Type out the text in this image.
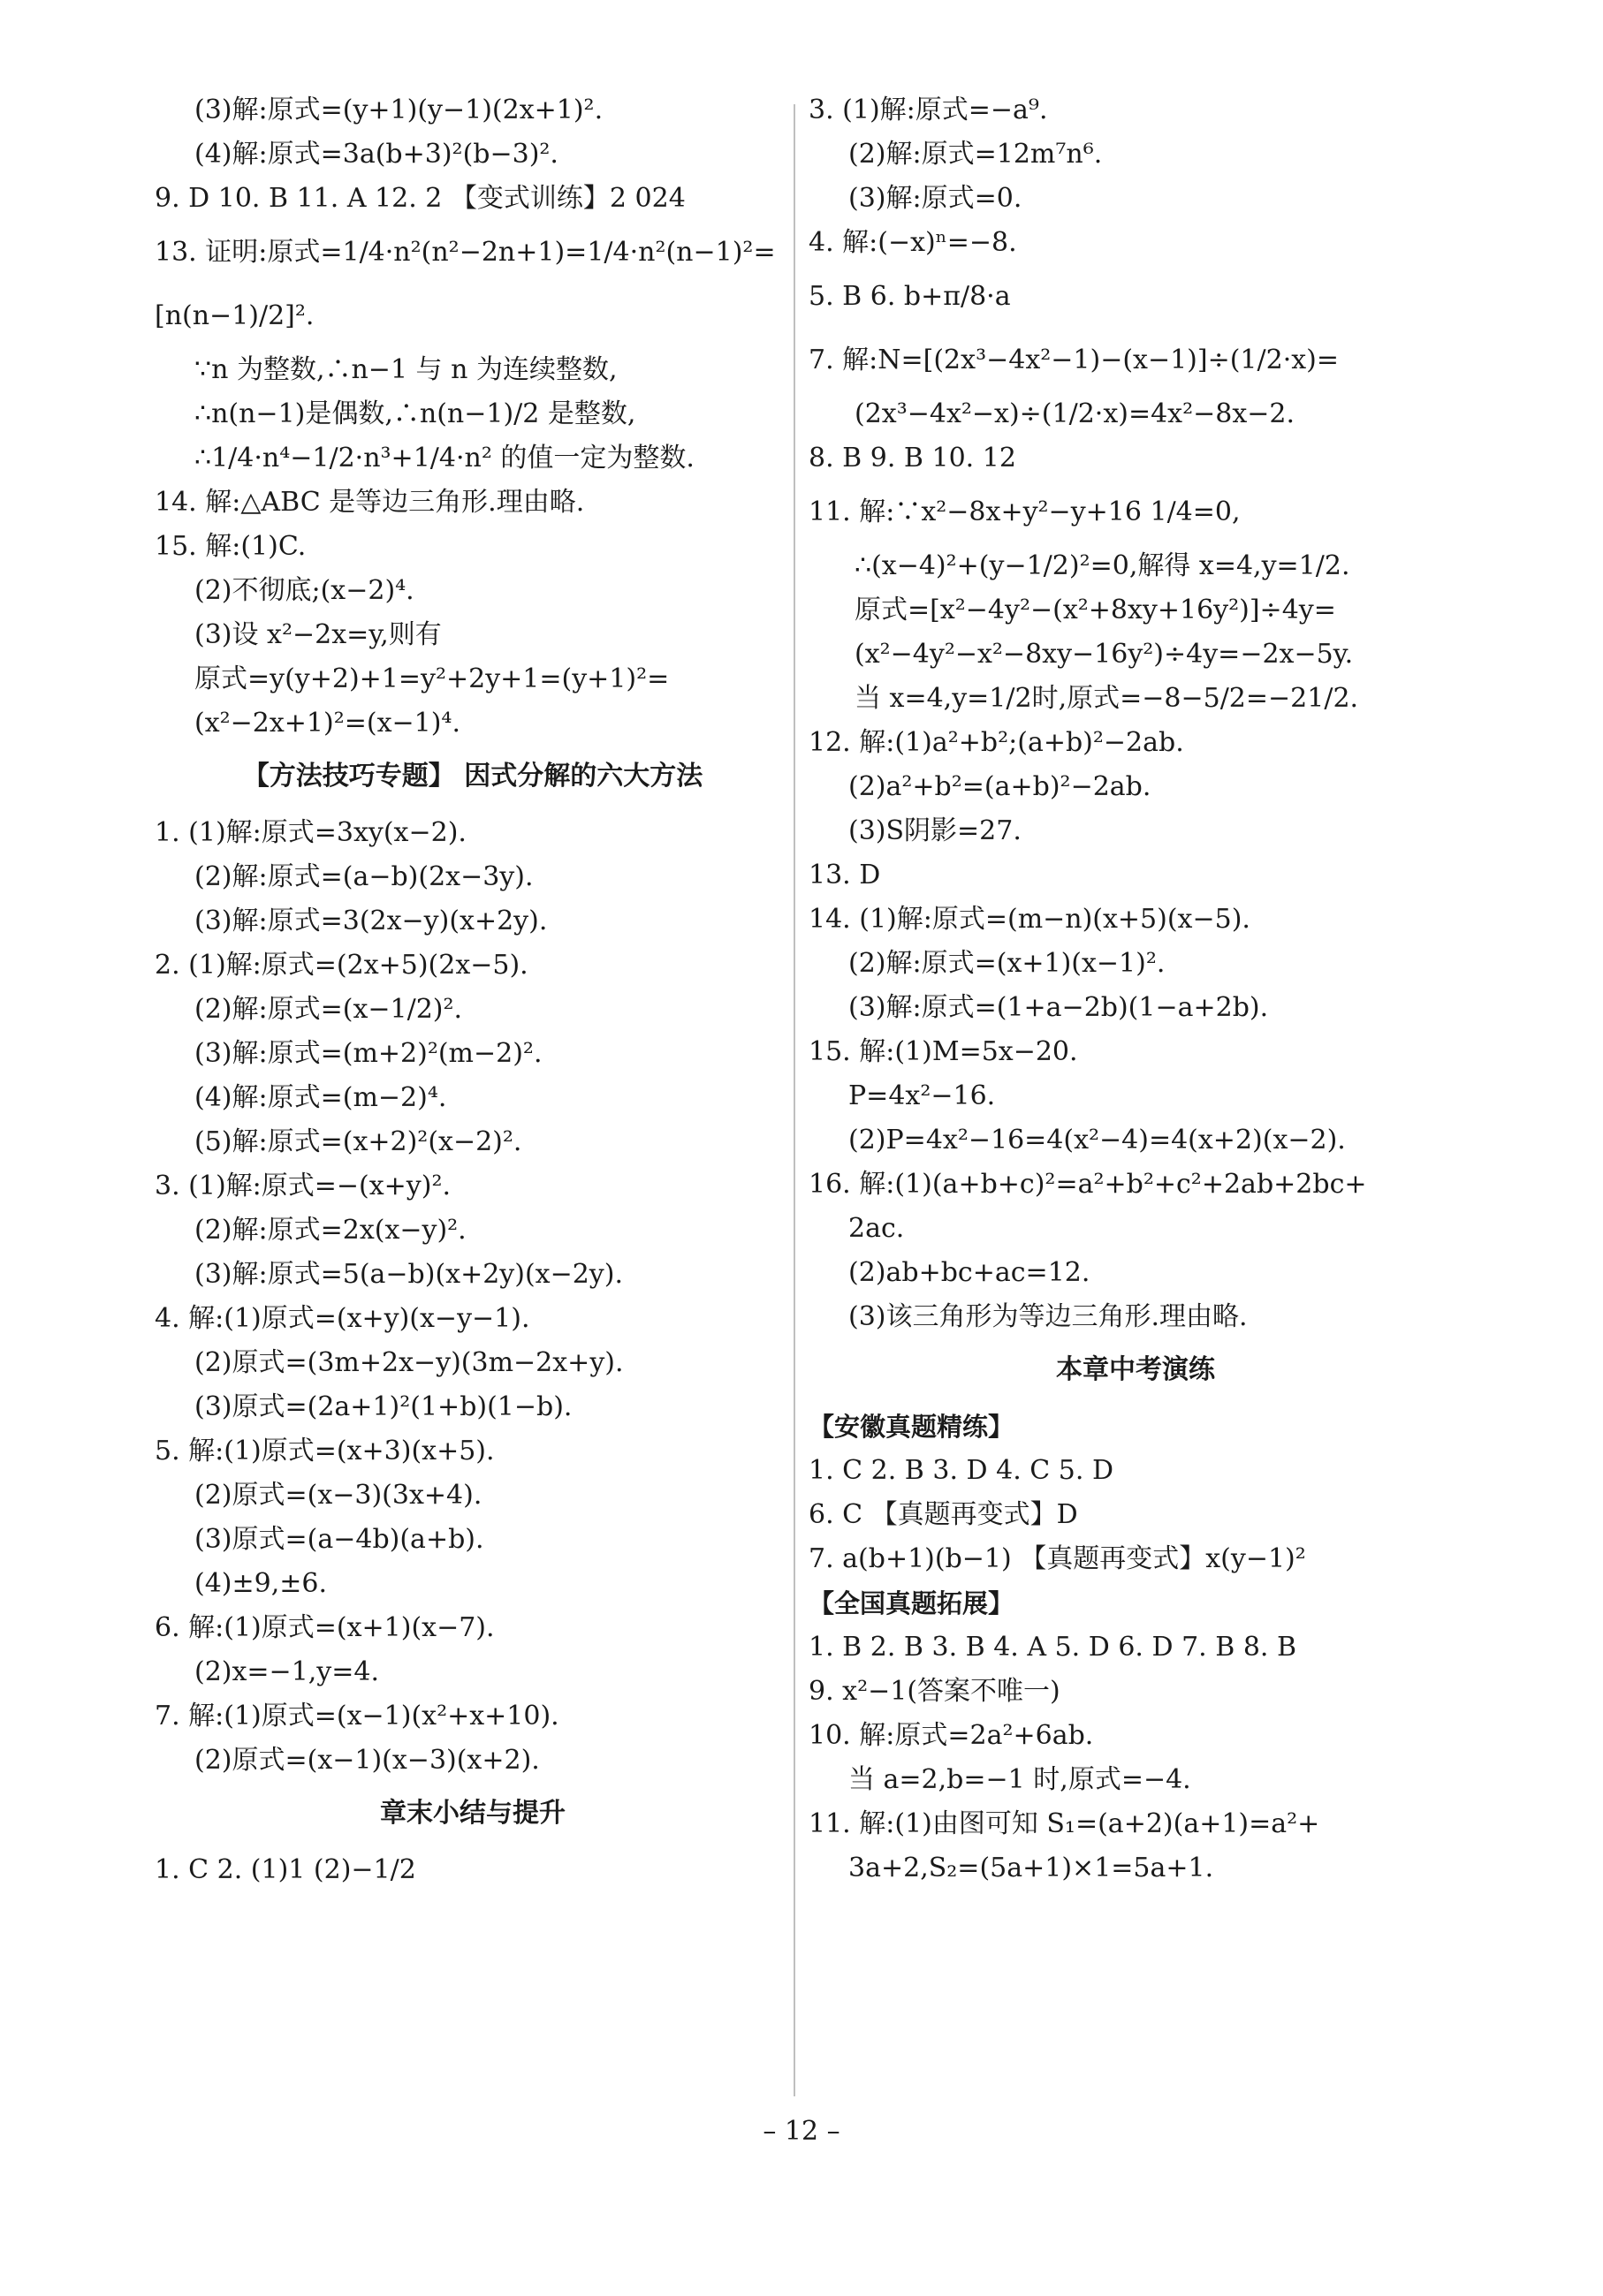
(3)解:原式=(y+1)(y−1)(2x+1)².
(4)解:原式=3a(b+3)²(b−3)².
9. D 10. B 11. A 12. 2 【变式训练】2 024
13. 证明:原式=1/4·n²(n²−2n+1)=1/4·n²(n−1)²=
[n(n−1)/2]².
∵n 为整数,∴n−1 与 n 为连续整数,
∴n(n−1)是偶数,∴n(n−1)/2 是整数,
∴1/4·n⁴−1/2·n³+1/4·n² 的值一定为整数.
14. 解:△ABC 是等边三角形.理由略.
15. 解:(1)C.
(2)不彻底;(x−2)⁴.
(3)设 x²−2x=y,则有
原式=y(y+2)+1=y²+2y+1=(y+1)²=
(x²−2x+1)²=(x−1)⁴.
【方法技巧专题】 因式分解的六大方法
1. (1)解:原式=3xy(x−2).
(2)解:原式=(a−b)(2x−3y).
(3)解:原式=3(2x−y)(x+2y).
2. (1)解:原式=(2x+5)(2x−5).
(2)解:原式=(x−1/2)².
(3)解:原式=(m+2)²(m−2)².
(4)解:原式=(m−2)⁴.
(5)解:原式=(x+2)²(x−2)².
3. (1)解:原式=−(x+y)².
(2)解:原式=2x(x−y)².
(3)解:原式=5(a−b)(x+2y)(x−2y).
4. 解:(1)原式=(x+y)(x−y−1).
(2)原式=(3m+2x−y)(3m−2x+y).
(3)原式=(2a+1)²(1+b)(1−b).
5. 解:(1)原式=(x+3)(x+5).
(2)原式=(x−3)(3x+4).
(3)原式=(a−4b)(a+b).
(4)±9,±6.
6. 解:(1)原式=(x+1)(x−7).
(2)x=−1,y=4.
7. 解:(1)原式=(x−1)(x²+x+10).
(2)原式=(x−1)(x−3)(x+2).
章末小结与提升
1. C 2. (1)1 (2)−1/2
3. (1)解:原式=−a⁹.
(2)解:原式=12m⁷n⁶.
(3)解:原式=0.
4. 解:(−x)ⁿ=−8.
5. B 6. b+π/8·a
7. 解:N=[(2x³−4x²−1)−(x−1)]÷(1/2·x)=
(2x³−4x²−x)÷(1/2·x)=4x²−8x−2.
8. B 9. B 10. 12
11. 解:∵x²−8x+y²−y+16 1/4=0,
∴(x−4)²+(y−1/2)²=0,解得 x=4,y=1/2.
原式=[x²−4y²−(x²+8xy+16y²)]÷4y=
(x²−4y²−x²−8xy−16y²)÷4y=−2x−5y.
当 x=4,y=1/2时,原式=−8−5/2=−21/2.
12. 解:(1)a²+b²;(a+b)²−2ab.
(2)a²+b²=(a+b)²−2ab.
(3)S阴影=27.
13. D
14. (1)解:原式=(m−n)(x+5)(x−5).
(2)解:原式=(x+1)(x−1)².
(3)解:原式=(1+a−2b)(1−a+2b).
15. 解:(1)M=5x−20.
P=4x²−16.
(2)P=4x²−16=4(x²−4)=4(x+2)(x−2).
16. 解:(1)(a+b+c)²=a²+b²+c²+2ab+2bc+
2ac.
(2)ab+bc+ac=12.
(3)该三角形为等边三角形.理由略.
本章中考演练
【安徽真题精练】
1. C 2. B 3. D 4. C 5. D
6. C 【真题再变式】D
7. a(b+1)(b−1) 【真题再变式】x(y−1)²
【全国真题拓展】
1. B 2. B 3. B 4. A 5. D 6. D 7. B 8. B
9. x²−1(答案不唯一)
10. 解:原式=2a²+6ab.
当 a=2,b=−1 时,原式=−4.
11. 解:(1)由图可知 S₁=(a+2)(a+1)=a²+
3a+2,S₂=(5a+1)×1=5a+1.
– 12 –
